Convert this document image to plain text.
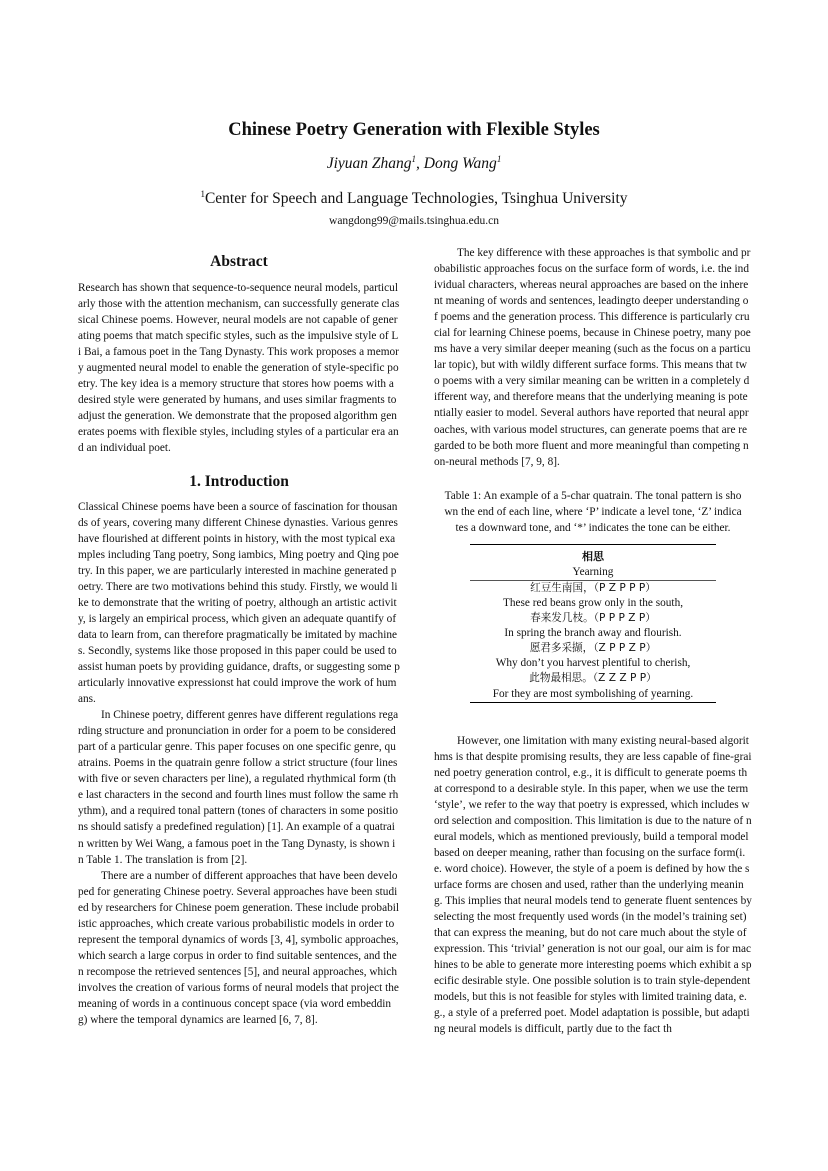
Chinese Poetry Generation with Flexible Styles
Jiyuan Zhang$^1$, Dong Wang$^1$
$^1$Center for Speech and Language Technologies, Tsinghua University
wangdong99@mails.tsinghua.edu.cn
Abstract

Research has shown that sequence-to-sequence neural models, particularly those with the attention mechanism, can successfully generate classical Chinese poems. However, neural models are not capable of generating poems that match specific styles, such as the impulsive style of Li Bai, a famous poet in the Tang Dynasty. This work proposes a memory augmented neural model to enable the generation of style-specific poetry. The key idea is a memory structure that stores how poems with a desired style were generated by humans, and uses similar fragments to adjust the generation. We demonstrate that the proposed algorithm generates poems with flexible styles, including styles of a particular era and an individual poet.

1. Introduction

Classical Chinese poems have been a source of fascination for thousands of years, covering many different Chinese dynasties. Various genres have flourished at different points in history, with the most typical examples including Tang poetry, Song iambics, Ming poetry and Qing poetry. In this paper, we are particularly interested in machine generated poetry. There are two motivations behind this study. Firstly, we would like to demonstrate that the writing of poetry, although an artistic activity, is largely an empirical process, which given an adequate quantify of data to learn from, can therefore pragmatically be imitated by machines. Secondly, systems like those proposed in this paper could be used to assist human poets by providing guidance, drafts, or suggesting some particularly innovative expressionst hat could improve the work of humans.

In Chinese poetry, different genres have different regulations regarding structure and pronunciation in order for a poem to be considered part of a particular genre. This paper focuses on one specific genre, quatrains. Poems in the quatrain genre follow a strict structure (four lines with five or seven characters per line), a regulated rhythmical form (the last characters in the second and fourth lines must follow the same rhythm), and a required tonal pattern (tones of characters in some positions should satisfy a predefined regulation) [1]. An example of a quatrain written by Wei Wang, a famous poet in the Tang Dynasty, is shown in Table 1. The translation is from [2].

There are a number of different approaches that have been developed for generating Chinese poetry. Several approaches have been studied by researchers for Chinese poem generation. These include probabilistic approaches, which create various probabilistic models in order to represent the temporal dynamics of words [3, 4], symbolic approaches, which search a large corpus in order to find suitable sentences, and then recompose the retrieved sentences [5], and neural approaches, which involves the creation of various forms of neural models that project the meaning of words in a continuous concept space (via word embedding) where the temporal dynamics are learned [6, 7, 8].

The key difference with these approaches is that symbolic and probabilistic approaches focus on the surface form of words, i.e. the individual characters, whereas neural approaches are based on the inherent meaning of words and sentences, leadingto deeper understanding of poems and the generation process. This difference is particularly crucial for learning Chinese poems, because in Chinese poetry, many poems have a very similar deeper meaning (such as the focus on a particular topic), but with wildly different surface forms. This means that two poems with a very similar meaning can be written in a completely different way, and therefore means that the underlying meaning is potentially easier to model. Several authors have reported that neural approaches, with various model structures, can generate poems that are regarded to be both more fluent and more meaningful than competing non-neural methods [7, 9, 8].

Table 1: An example of a 5-char quatrain. The tonal pattern is shown the end of each line, where ‘P’ indicate a level tone, ‘Z’ indicates a downward tone, and ‘*’ indicates the tone can be either.

相思
Yearning
红豆生南国，（P Z P P P）
These red beans grow only in the south,
春来发几枝。（P P P Z P）
In spring the branch away and flourish.
愿君多采撷，（Z P P Z P）
Why don’t you harvest plentiful to cherish,
此物最相思。（Z Z Z P P）
For they are most symbolishing of yearning.

However, one limitation with many existing neural-based algorithms is that despite promising results, they are less capable of fine-grained poetry generation control, e.g., it is difficult to generate poems that correspond to a desirable style. In this paper, when we use the term ‘style’, we refer to the way that poetry is expressed, which includes word selection and composition. This limitation is due to the nature of neural models, which as mentioned previously, build a temporal model based on deeper meaning, rather than focusing on the surface form(i.e. word choice). However, the style of a poem is defined by how the surface forms are chosen and used, rather than the underlying meaning. This implies that neural models tend to generate fluent sentences by selecting the most frequently used words (in the model’s training set) that can express the meaning, but do not care much about the style of expression. This ‘trivial’ generation is not our goal, our aim is for machines to be able to generate more interesting poems which exhibit a specific desirable style. One possible solution is to train style-dependent models, but this is not feasible for styles with limited training data, e.g., a style of a preferred poet. Model adaptation is possible, but adapting neural models is difficult, partly due to the fact th
